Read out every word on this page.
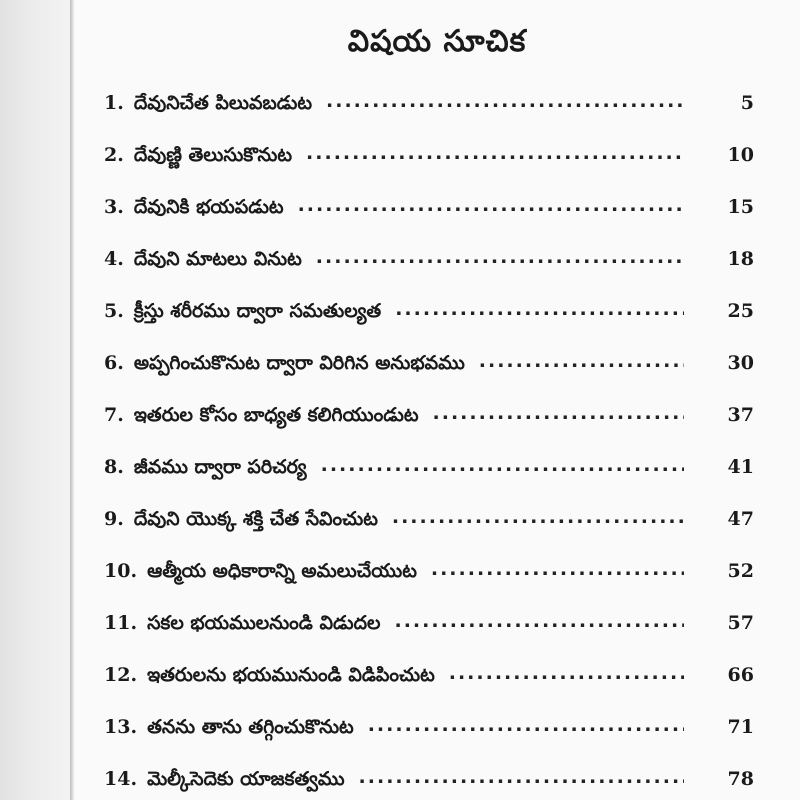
విషయ సూచిక
1. దేవునిచేత పిలువబడుట .....	5
2. దేవుణ్ణి తెలుసుకొనుట .....	10
3. దేవునికి భయపడుట .....	15
4. దేవుని మాటలు వినుట .....	18
5. క్రీస్తు శరీరము ద్వారా సమతుల్యత .....	25
6. అప్పగించుకొనుట ద్వారా విరిగిన అనుభవము .....	30
7. ఇతరుల కోసం బాధ్యత కలిగియుండుట .....	37
8. జీవము ద్వారా పరిచర్య .....	41
9. దేవుని యొక్క శక్తి చేత సేవించుట .....	47
10. ఆత్మీయ అధికారాన్ని అమలుచేయుట .....	52
11. సకల భయములనుండి విడుదల .....	57
12. ఇతరులను భయమునుండి విడిపించుట .....	66
13. తనను తాను తగ్గించుకొనుట .....	71
14. మెల్కీసెదెకు యాజకత్వము .....	78
